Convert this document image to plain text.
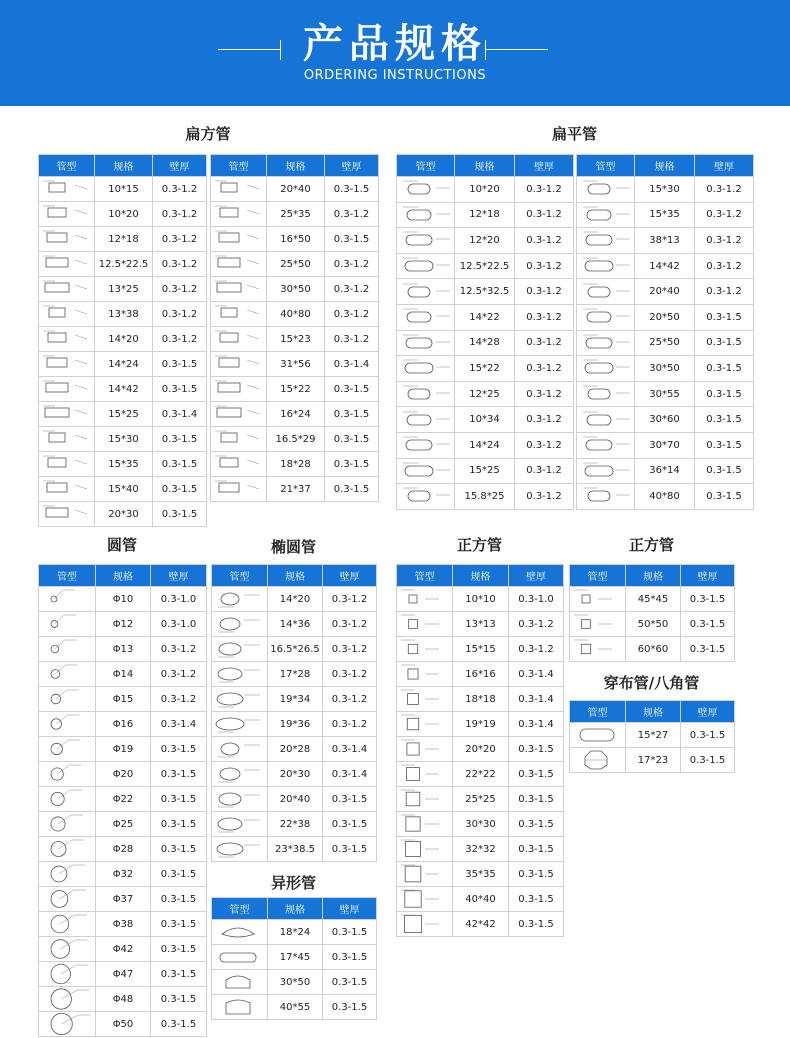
产品规格
ORDERING INSTRUCTIONS
扁方管	扁平管
圆管	椭圆管
异形管
正方管	正方管
穿布管/八角管
管型	规格	壁厚

	10*15	0.3-1.2

	10*20	0.3-1.2

	12*18	0.3-1.2

	12.5*22.5	0.3-1.2

	13*25	0.3-1.2

	13*38	0.3-1.2

	14*20	0.3-1.2

	14*24	0.3-1.5

	14*42	0.3-1.5

	15*25	0.3-1.4

	15*30	0.3-1.5

	15*35	0.3-1.5

	15*40	0.3-1.5

	20*30	0.3-1.5
管型	规格	壁厚

	20*40	0.3-1.5

	25*35	0.3-1.2

	16*50	0.3-1.5

	25*50	0.3-1.2

	30*50	0.3-1.2

	40*80	0.3-1.2

	15*23	0.3-1.2

	31*56	0.3-1.4

	15*22	0.3-1.5

	16*24	0.3-1.5

	16.5*29	0.3-1.5

	18*28	0.3-1.5

	21*37	0.3-1.5
管型	规格	壁厚

	10*20	0.3-1.2

	12*18	0.3-1.2

	12*20	0.3-1.2

	12.5*22.5	0.3-1.2

	12.5*32.5	0.3-1.2

	14*22	0.3-1.2

	14*28	0.3-1.2

	15*22	0.3-1.2

	12*25	0.3-1.2

	10*34	0.3-1.2

	14*24	0.3-1.2

	15*25	0.3-1.2

	15.8*25	0.3-1.2
管型	规格	壁厚

	15*30	0.3-1.2

	15*35	0.3-1.2

	38*13	0.3-1.2

	14*42	0.3-1.2

	20*40	0.3-1.2

	20*50	0.3-1.5

	25*50	0.3-1.5

	30*50	0.3-1.5

	30*55	0.3-1.5

	30*60	0.3-1.5

	30*70	0.3-1.5

	36*14	0.3-1.5

	40*80	0.3-1.5
管型	规格	壁厚

	Φ10	0.3-1.0

	Φ12	0.3-1.0

	Φ13	0.3-1.2

	Φ14	0.3-1.2

	Φ15	0.3-1.2

	Φ16	0.3-1.4

	Φ19	0.3-1.5

	Φ20	0.3-1.5

	Φ22	0.3-1.5

	Φ25	0.3-1.5

	Φ28	0.3-1.5

	Φ32	0.3-1.5

	Φ37	0.3-1.5

	Φ38	0.3-1.5

	Φ42	0.3-1.5

	Φ47	0.3-1.5

	Φ48	0.3-1.5

	Φ50	0.3-1.5
管型	规格	壁厚

	14*20	0.3-1.2

	14*36	0.3-1.2

	16.5*26.5	0.3-1.2

	17*28	0.3-1.2

	19*34	0.3-1.2

	19*36	0.3-1.2

	20*28	0.3-1.4

	20*30	0.3-1.4

	20*40	0.3-1.5

	22*38	0.3-1.5

	23*38.5	0.3-1.5
管型	规格	壁厚

	18*24	0.3-1.5

	17*45	0.3-1.5

	30*50	0.3-1.5

	40*55	0.3-1.5
管型	规格	壁厚

	10*10	0.3-1.0

	13*13	0.3-1.2

	15*15	0.3-1.2

	16*16	0.3-1.4

	18*18	0.3-1.4

	19*19	0.3-1.4

	20*20	0.3-1.5

	22*22	0.3-1.5

	25*25	0.3-1.5

	30*30	0.3-1.5

	32*32	0.3-1.5

	35*35	0.3-1.5

	40*40	0.3-1.5

	42*42	0.3-1.5
管型	规格	壁厚

	45*45	0.3-1.5

	50*50	0.3-1.5

	60*60	0.3-1.5
管型	规格	壁厚

	15*27	0.3-1.5

	17*23	0.3-1.5
